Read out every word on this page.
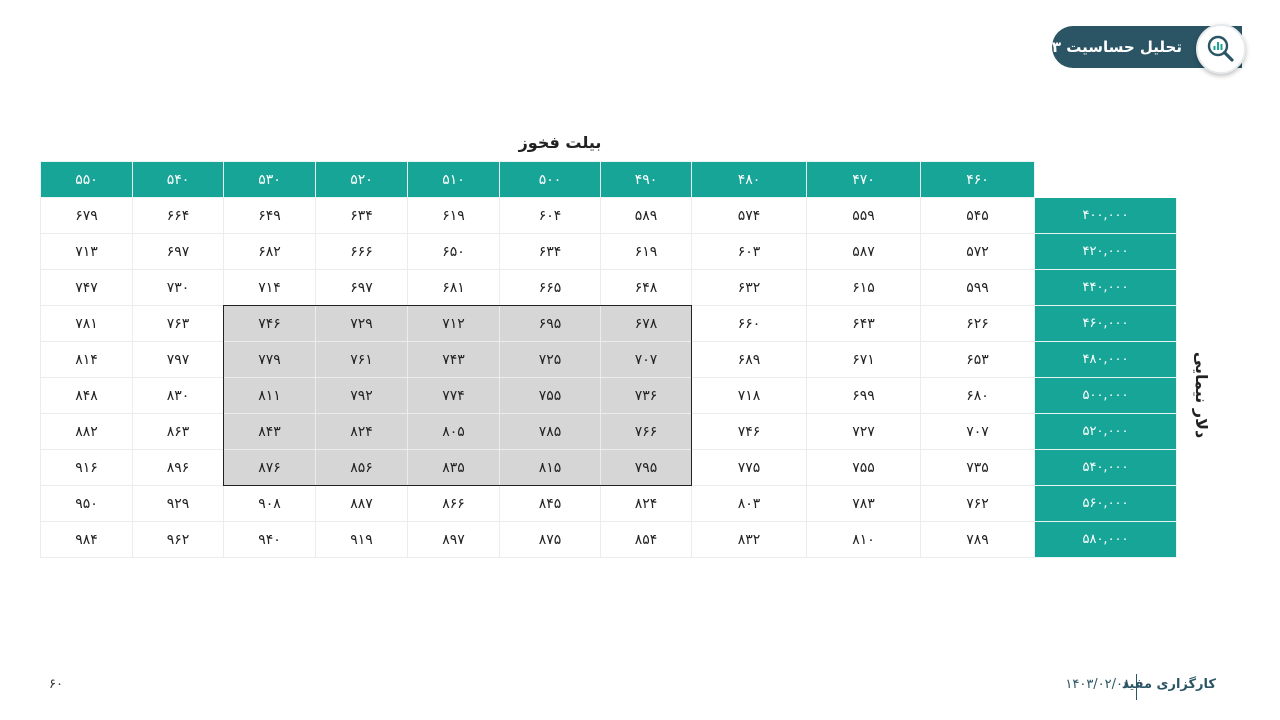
تحلیل حساسیت ۱۴۰۳
بیلت فخوز
۵۵۰	۵۴۰	۵۳۰	۵۲۰	۵۱۰	۵۰۰	۴۹۰	۴۸۰	۴۷۰	۴۶۰	
۶۷۹	۶۶۴	۶۴۹	۶۳۴	۶۱۹	۶۰۴	۵۸۹	۵۷۴	۵۵۹	۵۴۵	۴۰۰,۰۰۰
۷۱۳	۶۹۷	۶۸۲	۶۶۶	۶۵۰	۶۳۴	۶۱۹	۶۰۳	۵۸۷	۵۷۲	۴۲۰,۰۰۰
۷۴۷	۷۳۰	۷۱۴	۶۹۷	۶۸۱	۶۶۵	۶۴۸	۶۳۲	۶۱۵	۵۹۹	۴۴۰,۰۰۰
۷۸۱	۷۶۳	۷۴۶	۷۲۹	۷۱۲	۶۹۵	۶۷۸	۶۶۰	۶۴۳	۶۲۶	۴۶۰,۰۰۰
۸۱۴	۷۹۷	۷۷۹	۷۶۱	۷۴۳	۷۲۵	۷۰۷	۶۸۹	۶۷۱	۶۵۳	۴۸۰,۰۰۰
۸۴۸	۸۳۰	۸۱۱	۷۹۲	۷۷۴	۷۵۵	۷۳۶	۷۱۸	۶۹۹	۶۸۰	۵۰۰,۰۰۰
۸۸۲	۸۶۳	۸۴۳	۸۲۴	۸۰۵	۷۸۵	۷۶۶	۷۴۶	۷۲۷	۷۰۷	۵۲۰,۰۰۰
۹۱۶	۸۹۶	۸۷۶	۸۵۶	۸۳۵	۸۱۵	۷۹۵	۷۷۵	۷۵۵	۷۳۵	۵۴۰,۰۰۰
۹۵۰	۹۲۹	۹۰۸	۸۸۷	۸۶۶	۸۴۵	۸۲۴	۸۰۳	۷۸۳	۷۶۲	۵۶۰,۰۰۰
۹۸۴	۹۶۲	۹۴۰	۹۱۹	۸۹۷	۸۷۵	۸۵۴	۸۳۲	۸۱۰	۷۸۹	۵۸۰,۰۰۰
دلار نیمایی
۶۰	کارگزاری مفید
۱۴۰۳/۰۲/۰۸
